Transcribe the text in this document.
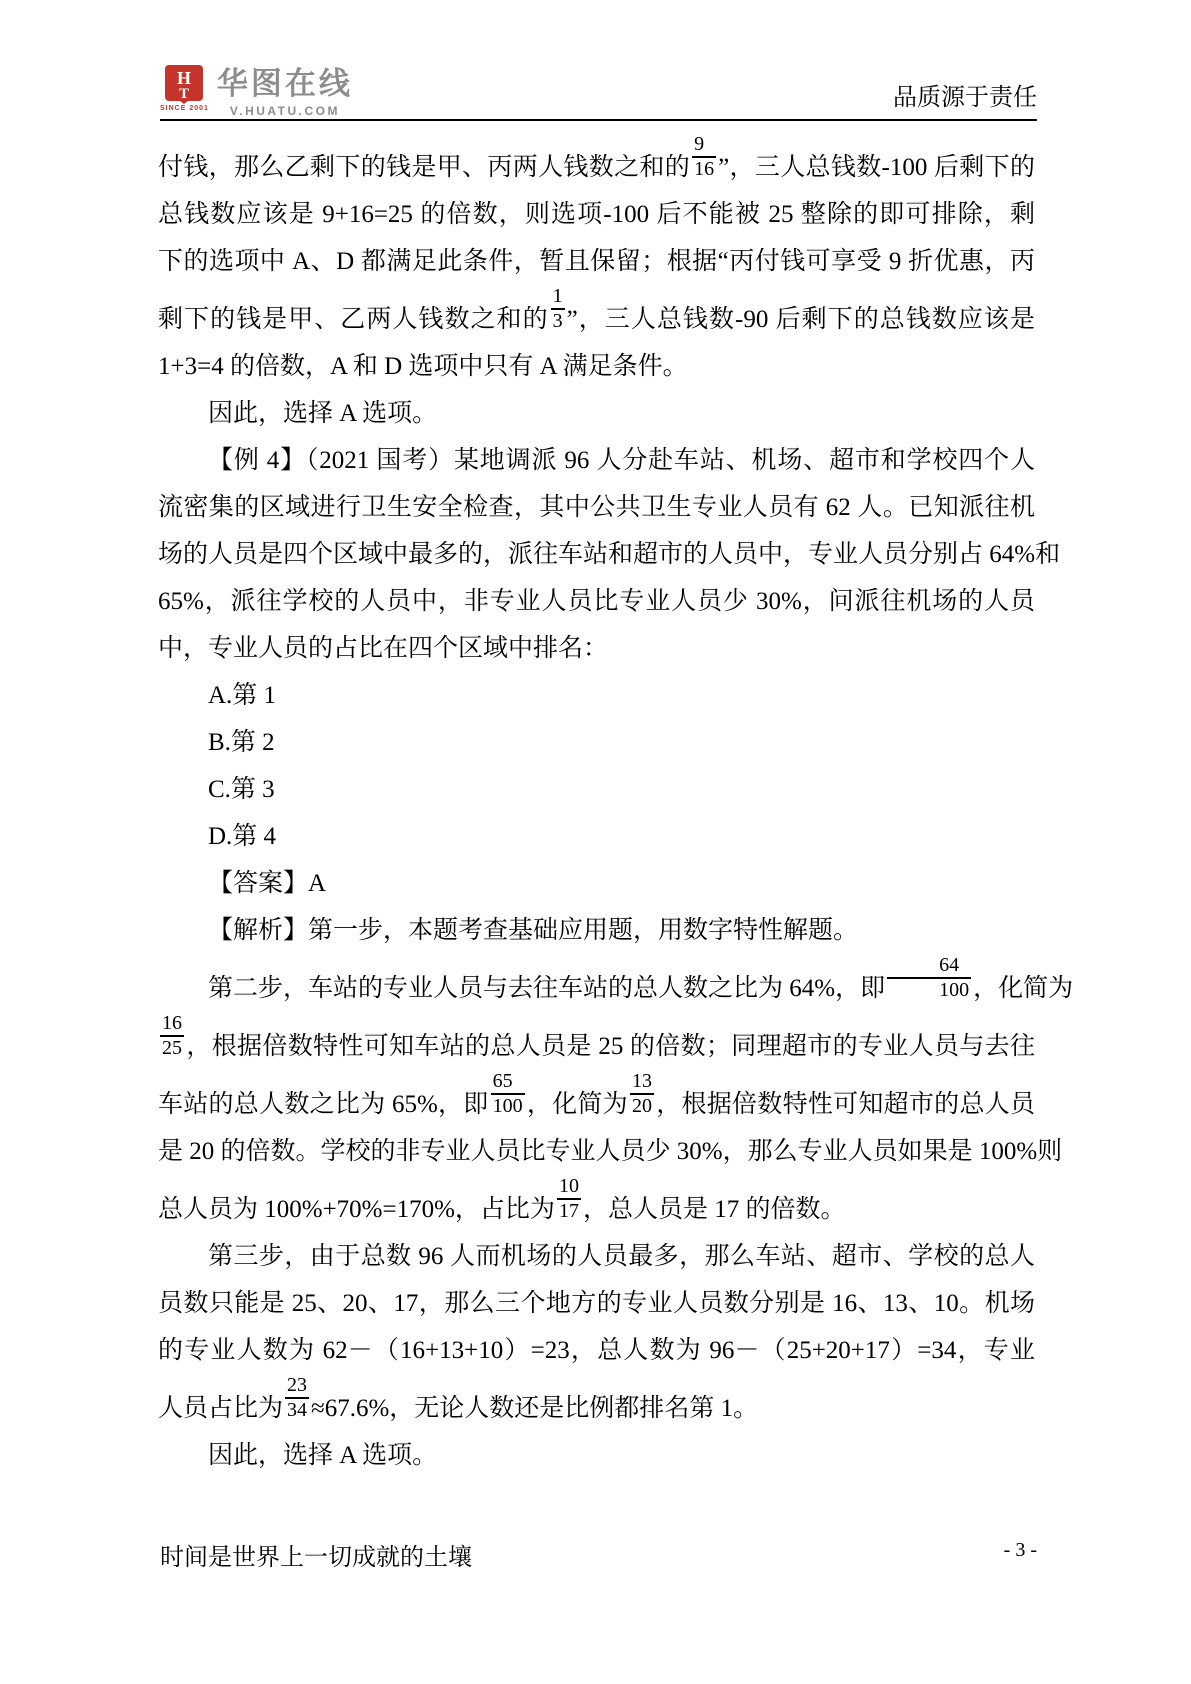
H
T
SINCE 2001
华图在线
V.HUATU.COM	品质源于责任
付钱，那么乙剩下的钱是甲、丙两人钱数之和的 $\frac{9}{16}$ ”，三人总钱数-100 后剩下的
总钱数应该是 9+16=25 的倍数，则选项-100 后不能被 25 整除的即可排除，剩
下的选项中 A、D 都满足此条件，暂且保留；根据“丙付钱可享受 9 折优惠，丙
剩下的钱是甲、乙两人钱数之和的 $\frac{1}{3}$ ”，三人总钱数-90 后剩下的总钱数应该是
1+3=4 的倍数，A 和 D 选项中只有 A 满足条件。
因此，选择 A 选项。
【例 4】（2021 国考）某地调派 96 人分赴车站、机场、超市和学校四个人
流密集的区域进行卫生安全检查，其中公共卫生专业人员有 62 人。已知派往机
场的人员是四个区域中最多的，派往车站和超市的人员中，专业人员分别占 64%和
65%，派往学校的人员中，非专业人员比专业人员少 30%，问派往机场的人员
中，专业人员的占比在四个区域中排名：
A.第 1
B.第 2
C.第 3
D.第 4
【答案】A
【解析】第一步，本题考查基础应用题，用数字特性解题。
第二步，车站的专业人员与去往车站的总人数之比为 64%，即 $\frac{64}{100}$ ，化简为
$\frac{16}{25}$ ，根据倍数特性可知车站的总人员是 25 的倍数；同理超市的专业人员与去往
车站的总人数之比为 65%，即 $\frac{65}{100}$ ，化简为 $\frac{13}{20}$ ，根据倍数特性可知超市的总人员
是 20 的倍数。学校的非专业人员比专业人员少 30%，那么专业人员如果是 100%则
总人员为 100%+70%=170%，占比为 $\frac{10}{17}$ ，总人员是 17 的倍数。
第三步，由于总数 96 人而机场的人员最多，那么车站、超市、学校的总人
员数只能是 25、20、17，那么三个地方的专业人员数分别是 16、13、10。机场
的专业人数为 62－（16+13+10）=23，总人数为 96－（25+20+17）=34，专业
人员占比为 $\frac{23}{34} \approx 67.6\%$，无论人数还是比例都排名第 1。
因此，选择 A 选项。
时间是世界上一切成就的土壤	- 3 -
